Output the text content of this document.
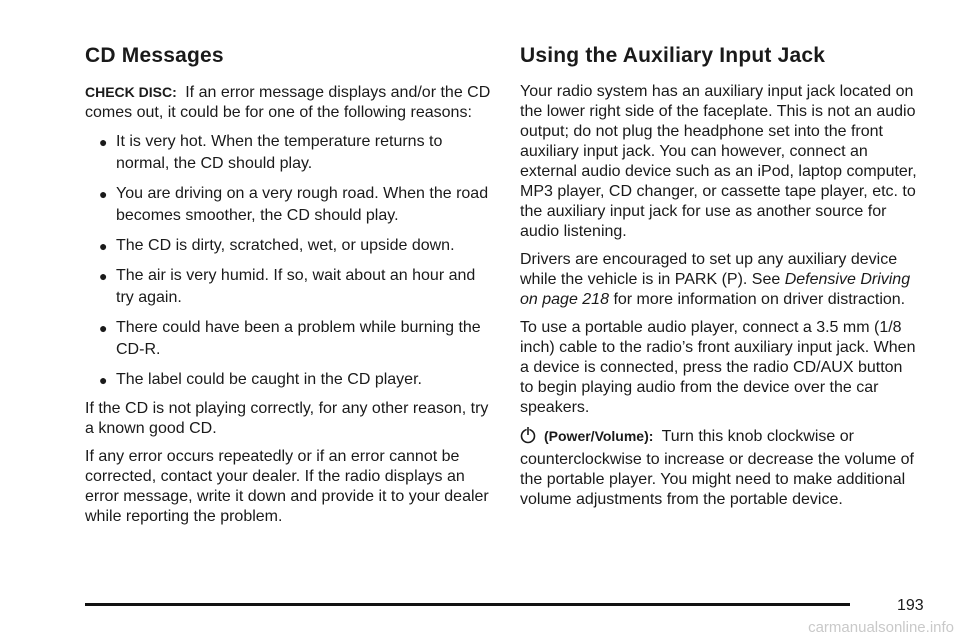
CD Messages

CHECK DISC: If an error message displays and/or the CD comes out, it could be for one of the following reasons:

● It is very hot. When the temperature returns to normal, the CD should play.
● You are driving on a very rough road. When the road becomes smoother, the CD should play.
● The CD is dirty, scratched, wet, or upside down.
● The air is very humid. If so, wait about an hour and try again.
● There could have been a problem while burning the CD-R.
● The label could be caught in the CD player.

If the CD is not playing correctly, for any other reason, try a known good CD.

If any error occurs repeatedly or if an error cannot be corrected, contact your dealer. If the radio displays an error message, write it down and provide it to your dealer while reporting the problem.

Using the Auxiliary Input Jack

Your radio system has an auxiliary input jack located on the lower right side of the faceplate. This is not an audio output; do not plug the headphone set into the front auxiliary input jack. You can however, connect an external audio device such as an iPod, laptop computer, MP3 player, CD changer, or cassette tape player, etc. to the auxiliary input jack for use as another source for audio listening.

Drivers are encouraged to set up any auxiliary device while the vehicle is in PARK (P). See Defensive Driving on page 218 for more information on driver distraction.

To use a portable audio player, connect a 3.5 mm (1/8 inch) cable to the radio’s front auxiliary input jack. When a device is connected, press the radio CD/AUX button to begin playing audio from the device over the car speakers.

(Power/Volume): Turn this knob clockwise or counterclockwise to increase or decrease the volume of the portable player. You might need to make additional volume adjustments from the portable device.

193
carmanualsonline.info
